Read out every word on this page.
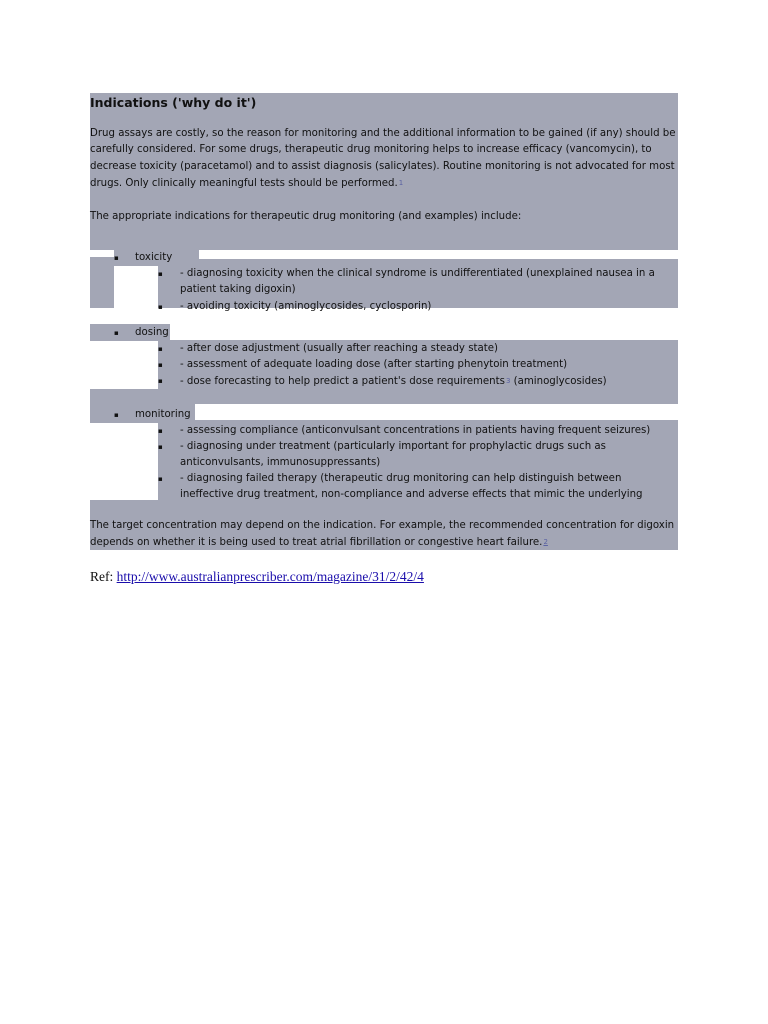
Indications ('why do it')

Drug assays are costly, so the reason for monitoring and the additional information to be gained (if any) should be carefully considered. For some drugs, therapeutic drug monitoring helps to increase efficacy (vancomycin), to decrease toxicity (paracetamol) and to assist diagnosis (salicylates). Routine monitoring is not advocated for most drugs. Only clinically meaningful tests should be performed.1

The appropriate indications for therapeutic drug monitoring (and examples) include:

▪ toxicity
▪ - diagnosing toxicity when the clinical syndrome is undifferentiated (unexplained nausea in a patient taking digoxin)
▪ - avoiding toxicity (aminoglycosides, cyclosporin)
▪ dosing
▪ - after dose adjustment (usually after reaching a steady state)
▪ - assessment of adequate loading dose (after starting phenytoin treatment)
▪ - dose forecasting to help predict a patient's dose requirements3 (aminoglycosides)
▪ monitoring
▪ - assessing compliance (anticonvulsant concentrations in patients having frequent seizures)
▪ - diagnosing under treatment (particularly important for prophylactic drugs such as anticonvulsants, immunosuppressants)
▪ - diagnosing failed therapy (therapeutic drug monitoring can help distinguish between ineffective drug treatment, non-compliance and adverse effects that mimic the underlying

The target concentration may depend on the indication. For example, the recommended concentration for digoxin depends on whether it is being used to treat atrial fibrillation or congestive heart failure.2

Ref: http://www.australianprescriber.com/magazine/31/2/42/4
